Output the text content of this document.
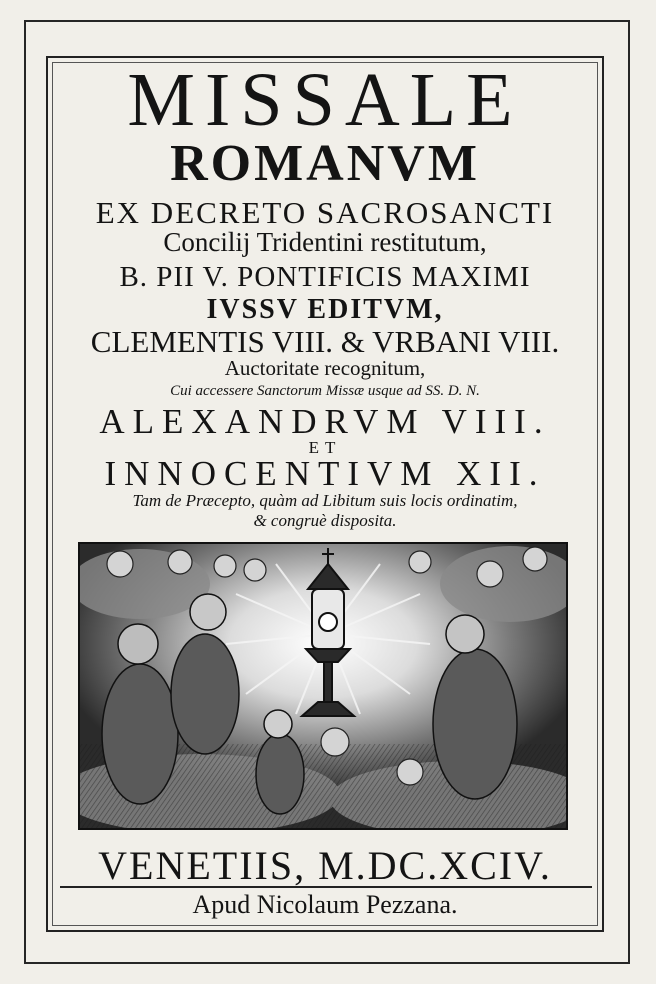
MISSALE
ROMANVM
EX DECRETO SACROSANCTI
Concilij Tridentini restitutum,
B. PII V. PONTIFICIS MAXIMI
IVSSV EDITVM,
CLEMENTIS VIII. & VRBANI VIII.
Auctoritate recognitum,
Cui accessere Sanctorum Missæ usque ad SS. D. N.
ALEXANDRVM VIII.
ET
INNOCENTIVM XII.
Tam de Præcepto, quàm ad Libitum suis locis ordinatim,
& congruè disposita.
VENETIIS, M.DC.XCIV.
Apud Nicolaum Pezzana.
